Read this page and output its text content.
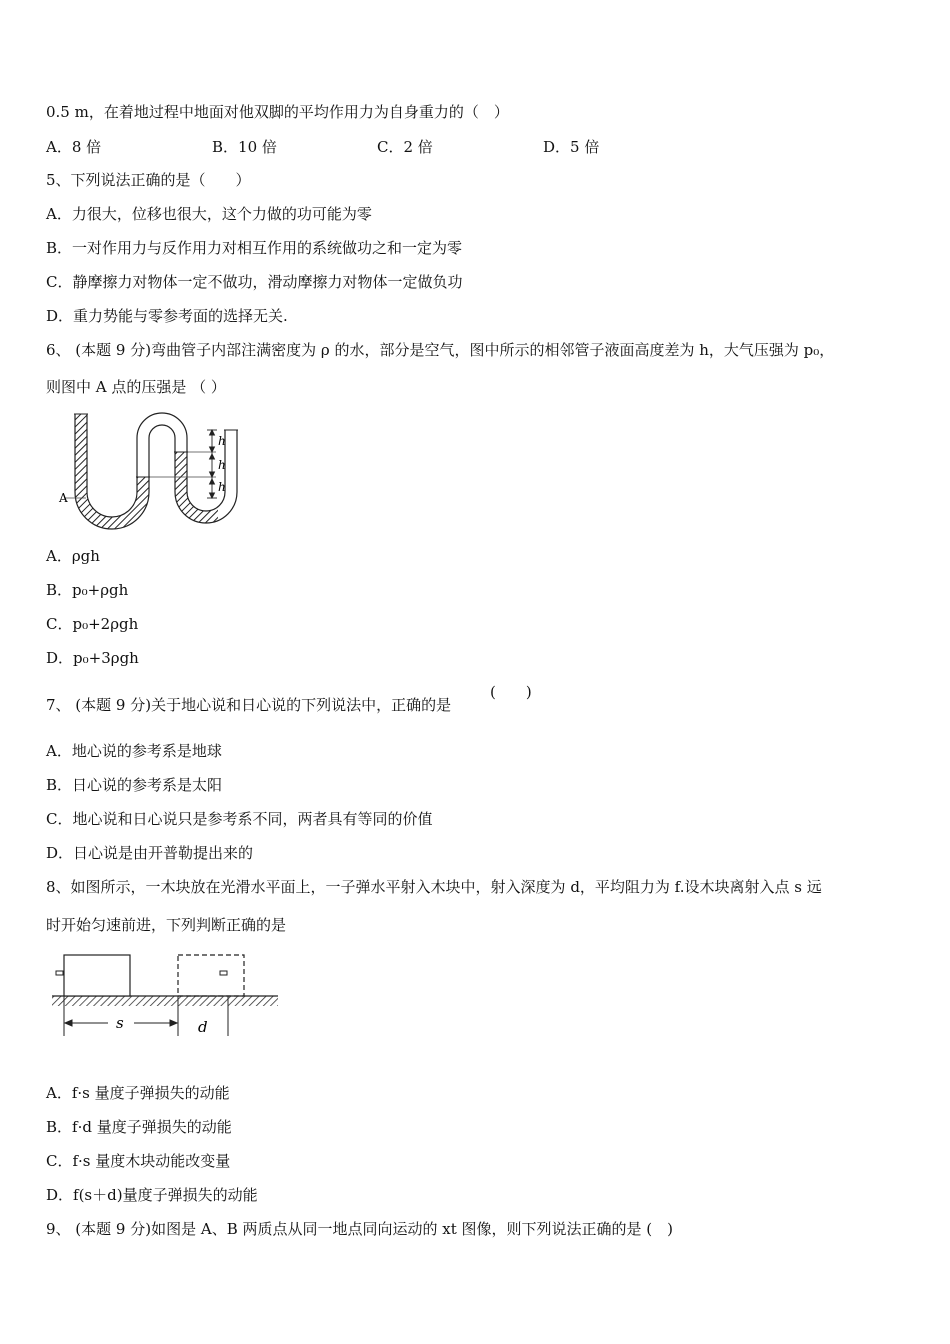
0.5 m，在着地过程中地面对他双脚的平均作用力为自身重力的（　）
A．8 倍	B．10 倍	C．2 倍	D．5 倍
5、下列说法正确的是（　　）
A．力很大，位移也很大，这个力做的功可能为零
B．一对作用力与反作用力对相互作用的系统做功之和一定为零
C．静摩擦力对物体一定不做功，滑动摩擦力对物体一定做负功
D．重力势能与零参考面的选择无关.
6、 (本题 9 分)弯曲管子内部注满密度为 ρ 的水，部分是空气，图中所示的相邻管子液面高度差为 h，大气压强为 p₀，
则图中 A 点的压强是 （ ）
h
h
h
A
A．ρgh
B．p₀+ρgh
C．p₀+2ρgh
D．p₀+3ρgh
7、 (本题 9 分)关于地心说和日心说的下列说法中，正确的是
(　　)
A．地心说的参考系是地球
B．日心说的参考系是太阳
C．地心说和日心说只是参考系不同，两者具有等同的价值
D．日心说是由开普勒提出来的
8、如图所示，一木块放在光滑水平面上，一子弹水平射入木块中，射入深度为 d，平均阻力为 f.设木块离射入点 s 远
时开始匀速前进，下列判断正确的是
s	d
A．f·s 量度子弹损失的动能
B．f·d 量度子弹损失的动能
C．f·s 量度木块动能改变量
D．f(s＋d)量度子弹损失的动能
9、 (本题 9 分)如图是 A、B 两质点从同一地点同向运动的 xt 图像，则下列说法正确的是 (　)
